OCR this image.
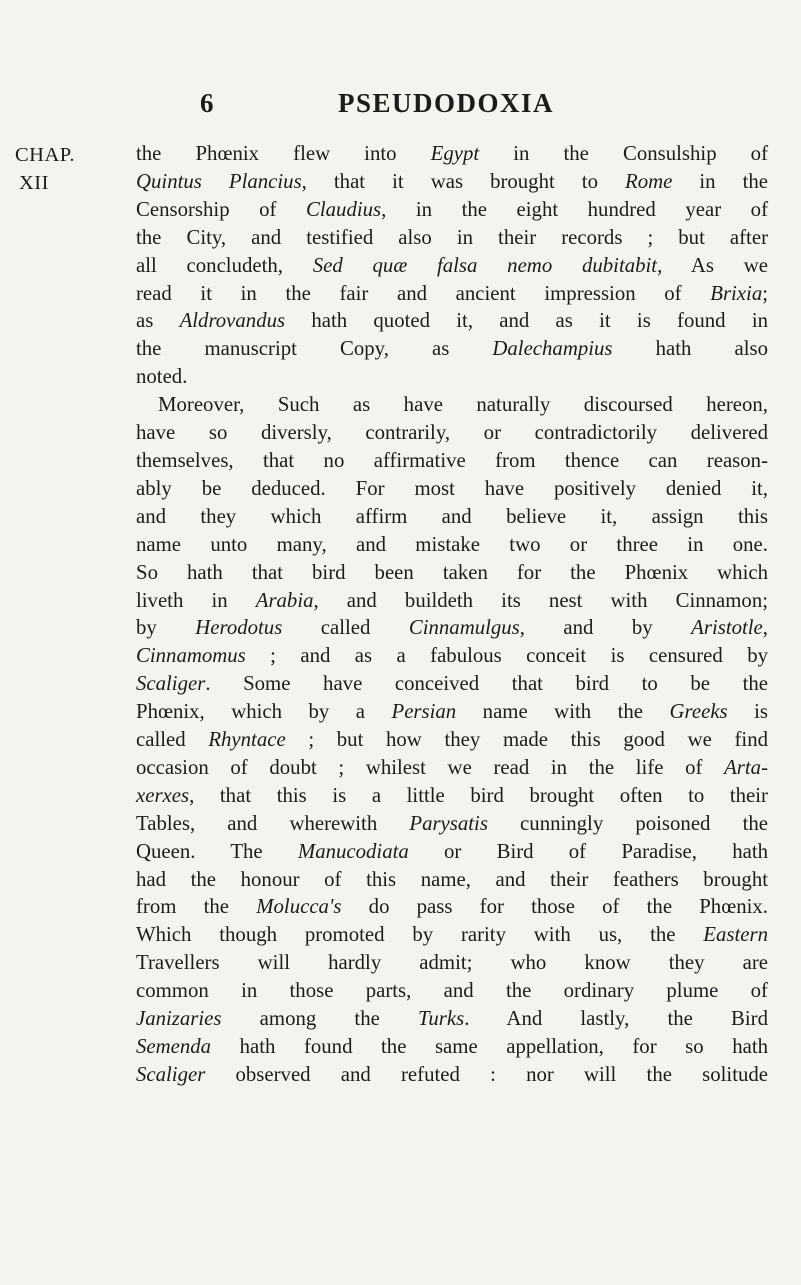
6	PSEUDODOXIA
CHAP.
XII
the Phœnix flew into Egypt in the Consulship of
Quintus Plancius, that it was brought to Rome in the
Censorship of Claudius, in the eight hundred year of
the City, and testified also in their records ; but after
all concludeth, Sed quæ falsa nemo dubitabit, As we
read it in the fair and ancient impression of Brixia;
as Aldrovandus hath quoted it, and as it is found in
the manuscript Copy, as Dalechampius hath also
noted.
Moreover, Such as have naturally discoursed hereon,
have so diversly, contrarily, or contradictorily delivered
themselves, that no affirmative from thence can reason-
ably be deduced. For most have positively denied it,
and they which affirm and believe it, assign this
name unto many, and mistake two or three in one.
So hath that bird been taken for the Phœnix which
liveth in Arabia, and buildeth its nest with Cinnamon;
by Herodotus called Cinnamulgus, and by Aristotle,
Cinnamomus ; and as a fabulous conceit is censured by
Scaliger. Some have conceived that bird to be the
Phœnix, which by a Persian name with the Greeks is
called Rhyntace ; but how they made this good we find
occasion of doubt ; whilest we read in the life of Arta-
xerxes, that this is a little bird brought often to their
Tables, and wherewith Parysatis cunningly poisoned the
Queen. The Manucodiata or Bird of Paradise, hath
had the honour of this name, and their feathers brought
from the Molucca's do pass for those of the Phœnix.
Which though promoted by rarity with us, the Eastern
Travellers will hardly admit; who know they are
common in those parts, and the ordinary plume of
Janizaries among the Turks. And lastly, the Bird
Semenda hath found the same appellation, for so hath
Scaliger observed and refuted : nor will the solitude
